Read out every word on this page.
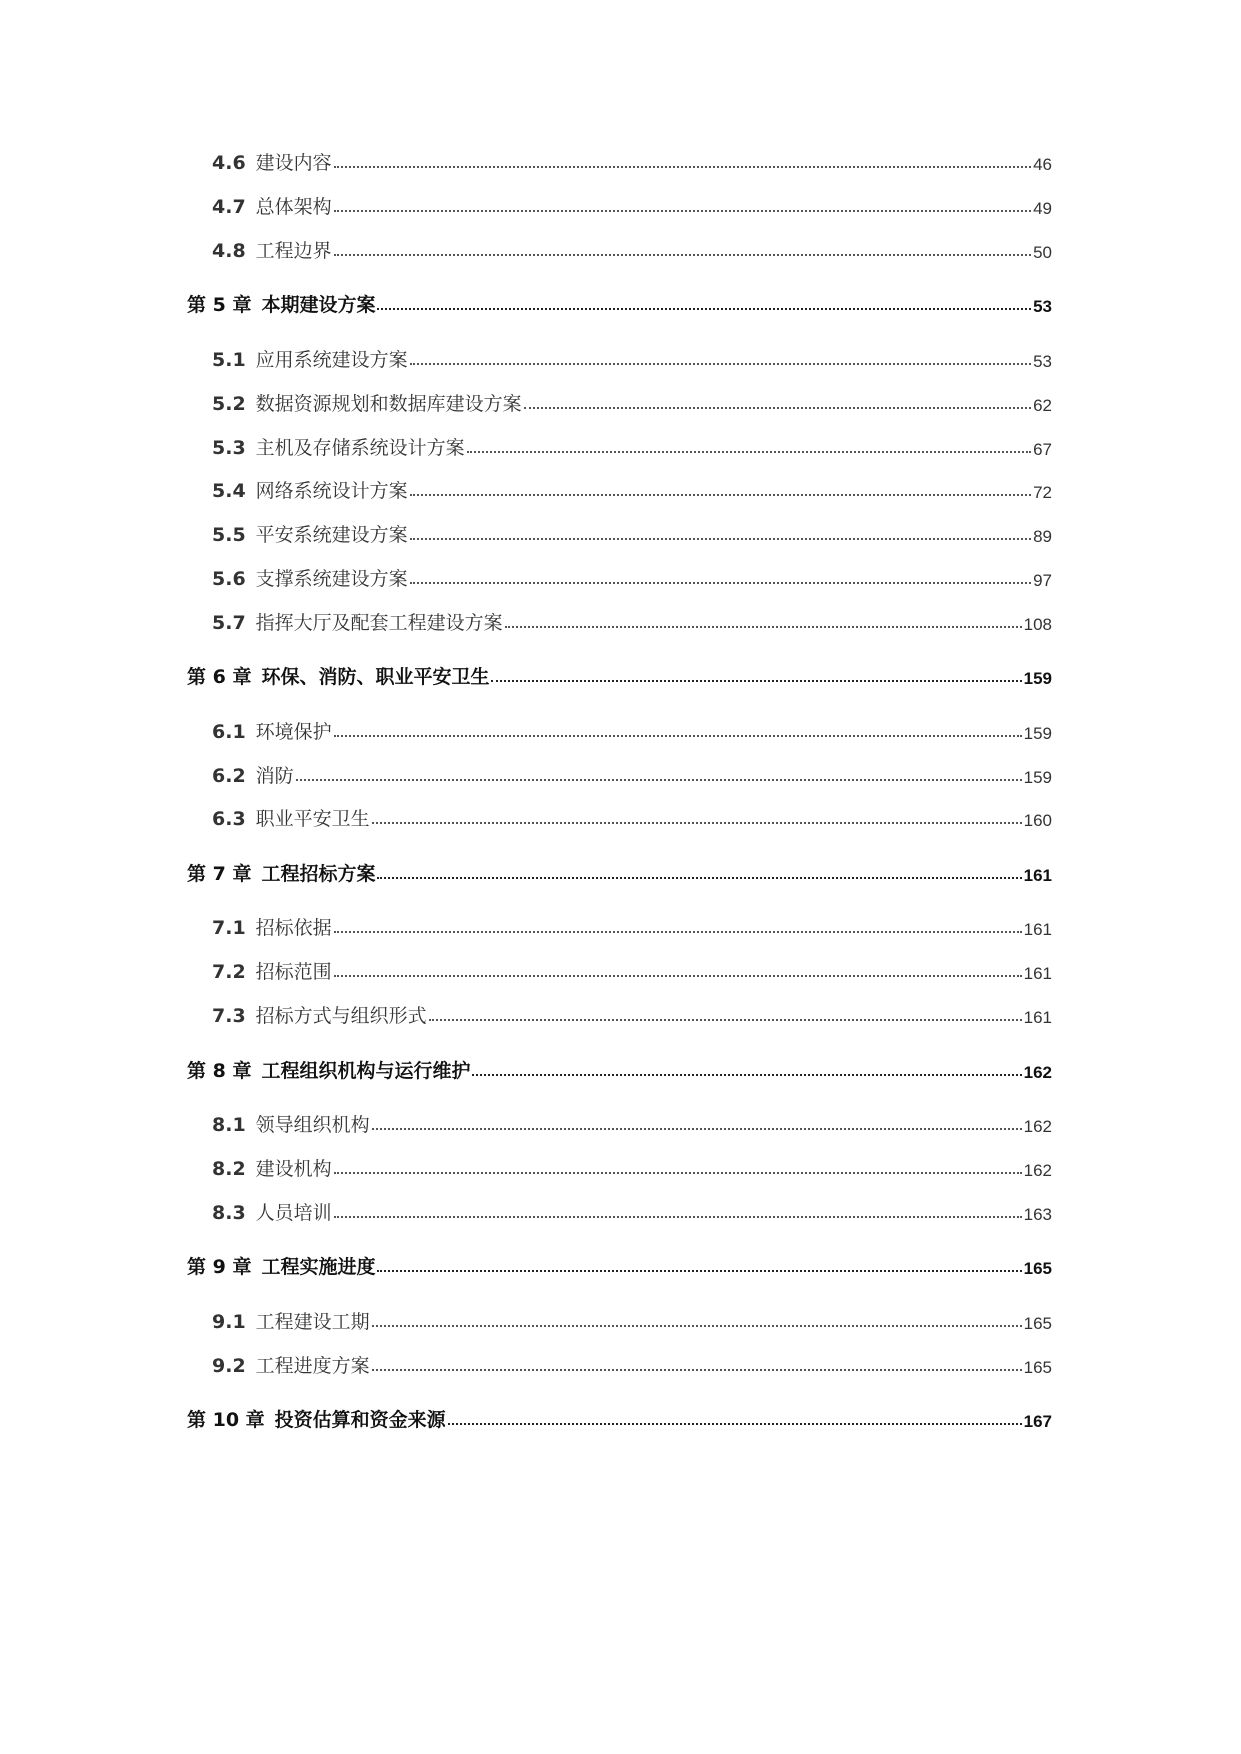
4.6 建设内容	46
4.7 总体架构	49
4.8 工程边界	50
第 5 章 本期建设方案	53
5.1 应用系统建设方案	53
5.2 数据资源规划和数据库建设方案	62
5.3 主机及存储系统设计方案	67
5.4 网络系统设计方案	72
5.5 平安系统建设方案	89
5.6 支撑系统建设方案	97
5.7 指挥大厅及配套工程建设方案	108
第 6 章 环保、消防、职业平安卫生	159
6.1 环境保护	159
6.2 消防	159
6.3 职业平安卫生	160
第 7 章 工程招标方案	161
7.1 招标依据	161
7.2 招标范围	161
7.3 招标方式与组织形式	161
第 8 章 工程组织机构与运行维护	162
8.1 领导组织机构	162
8.2 建设机构	162
8.3 人员培训	163
第 9 章 工程实施进度	165
9.1 工程建设工期	165
9.2 工程进度方案	165
第 10 章 投资估算和资金来源	167
